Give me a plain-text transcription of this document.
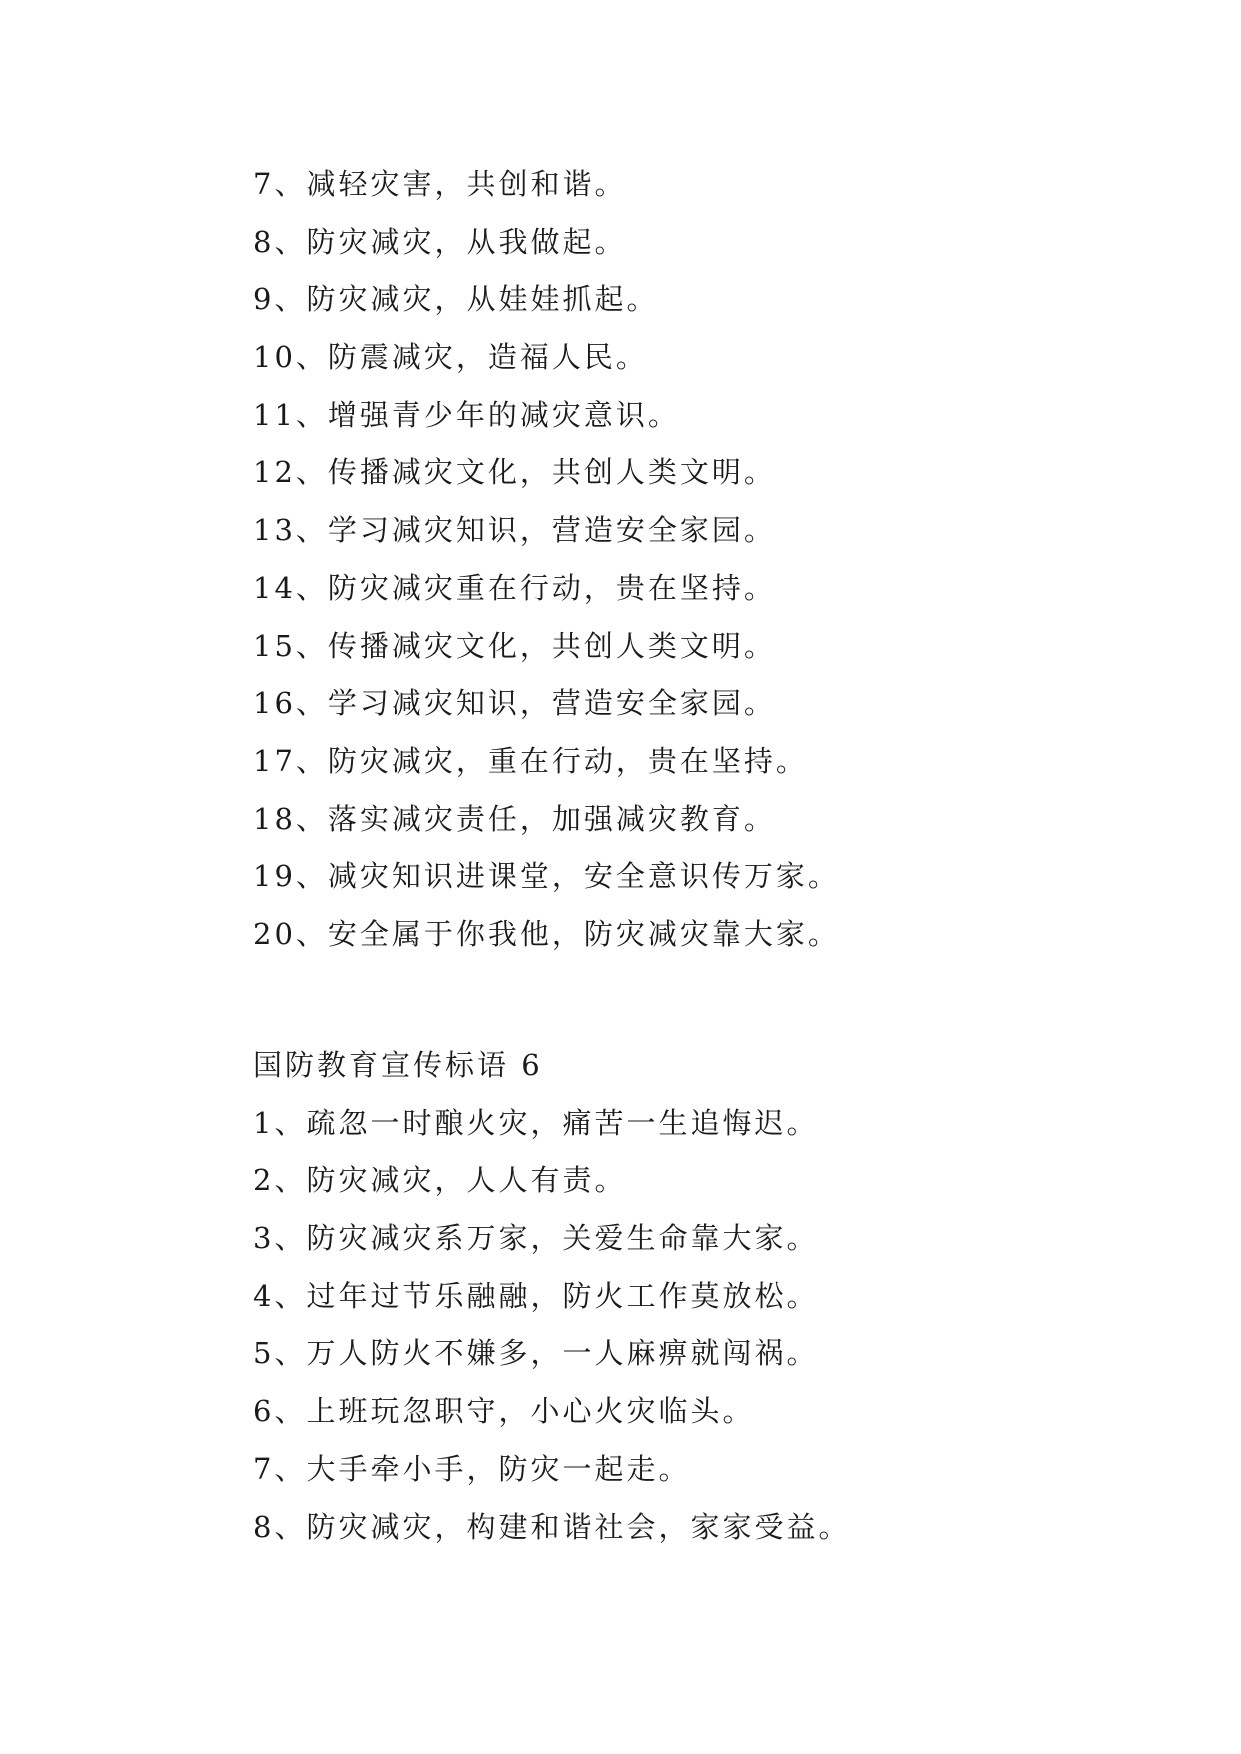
7、减轻灾害，共创和谐。
8、防灾减灾，从我做起。
9、防灾减灾，从娃娃抓起。
10、防震减灾，造福人民。
11、增强青少年的减灾意识。
12、传播减灾文化，共创人类文明。
13、学习减灾知识，营造安全家园。
14、防灾减灾重在行动，贵在坚持。
15、传播减灾文化，共创人类文明。
16、学习减灾知识，营造安全家园。
17、防灾减灾，重在行动，贵在坚持。
18、落实减灾责任，加强减灾教育。
19、减灾知识进课堂，安全意识传万家。
20、安全属于你我他，防灾减灾靠大家。
国防教育宣传标语 6
1、疏忽一时酿火灾，痛苦一生追悔迟。
2、防灾减灾，人人有责。
3、防灾减灾系万家，关爱生命靠大家。
4、过年过节乐融融，防火工作莫放松。
5、万人防火不嫌多，一人麻痹就闯祸。
6、上班玩忽职守，小心火灾临头。
7、大手牵小手，防灾一起走。
8、防灾减灾，构建和谐社会，家家受益。
